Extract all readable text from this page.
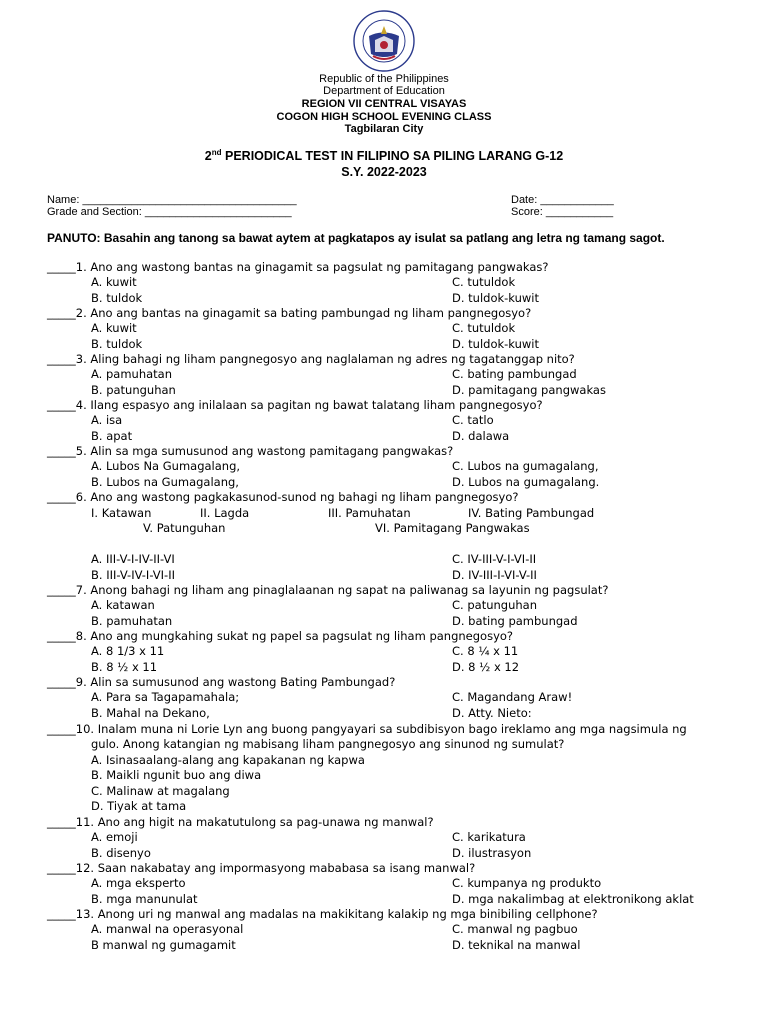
Republic of the Philippines
Department of Education
REGION VII CENTRAL VISAYAS
COGON HIGH SCHOOL EVENING CLASS
Tagbilaran City
2nd PERIODICAL TEST IN FILIPINO SA PILING LARANG G-12
S.Y. 2022-2023
Name: ___________________________________
Grade and Section: ________________________
Date: ____________
Score: ___________
PANUTO: Basahin ang tanong sa bawat aytem at pagkatapos ay isulat sa patlang ang letra ng tamang sagot.
_____1. Ano ang wastong bantas na ginagamit sa pagsulat ng pamitagang pangwakas?
A. kuwit	C. tutuldok
B. tuldok	D. tuldok-kuwit
_____2. Ano ang bantas na ginagamit sa bating pambungad ng liham pangnegosyo?
A. kuwit	C. tutuldok
B. tuldok	D. tuldok-kuwit
_____3. Aling bahagi ng liham pangnegosyo ang naglalaman ng adres ng tagatanggap nito?
A. pamuhatan	C. bating pambungad
B. patunguhan	D. pamitagang pangwakas
_____4. Ilang espasyo ang inilalaan sa pagitan ng bawat talatang liham pangnegosyo?
A. isa	C. tatlo
B. apat	D. dalawa
_____5. Alin sa mga sumusunod ang wastong pamitagang pangwakas?
A. Lubos Na Gumagalang,	C. Lubos na gumagalang,
B. Lubos na Gumagalang,	D. Lubos na gumagalang.
_____6. Ano ang wastong pagkakasunod-sunod ng bahagi ng liham pangnegosyo?
I. Katawan	II. Lagda	III. Pamuhatan	IV. Bating Pambungad
V. Patunguhan	VI. Pamitagang Pangwakas
A. III-V-I-IV-II-VI	C. IV-III-V-I-VI-II
B. III-V-IV-I-VI-II	D. IV-III-I-VI-V-II
_____7. Anong bahagi ng liham ang pinaglalaanan ng sapat na paliwanag sa layunin ng pagsulat?
A. katawan	C. patunguhan
B. pamuhatan	D. bating pambungad
_____8. Ano ang mungkahing sukat ng papel sa pagsulat ng liham pangnegosyo?
A. 8 1/3 x 11	C. 8 ¼ x 11
B. 8 ½ x 11	D. 8 ½ x 12
_____9. Alin sa sumusunod ang wastong Bating Pambungad?
A. Para sa Tagapamahala;	C. Magandang Araw!
B. Mahal na Dekano,	D. Atty. Nieto:
_____10. Inalam muna ni Lorie Lyn ang buong pangyayari sa subdibisyon bago ireklamo ang mga nagsimula ng
gulo. Anong katangian ng mabisang liham pangnegosyo ang sinunod ng sumulat?
A. Isinasaalang-alang ang kapakanan ng kapwa
B. Maikli ngunit buo ang diwa
C. Malinaw at magalang
D. Tiyak at tama
_____11. Ano ang higit na makatutulong sa pag-unawa ng manwal?
A. emoji	C. karikatura
B. disenyo	D. ilustrasyon
_____12. Saan nakabatay ang impormasyong mababasa sa isang manwal?
A. mga eksperto	C. kumpanya ng produkto
B. mga manunulat	D. mga nakalimbag at elektronikong aklat
_____13. Anong uri ng manwal ang madalas na makikitang kalakip ng mga binibiling cellphone?
A. manwal na operasyonal	C. manwal ng pagbuo
B manwal ng gumagamit	D. teknikal na manwal
